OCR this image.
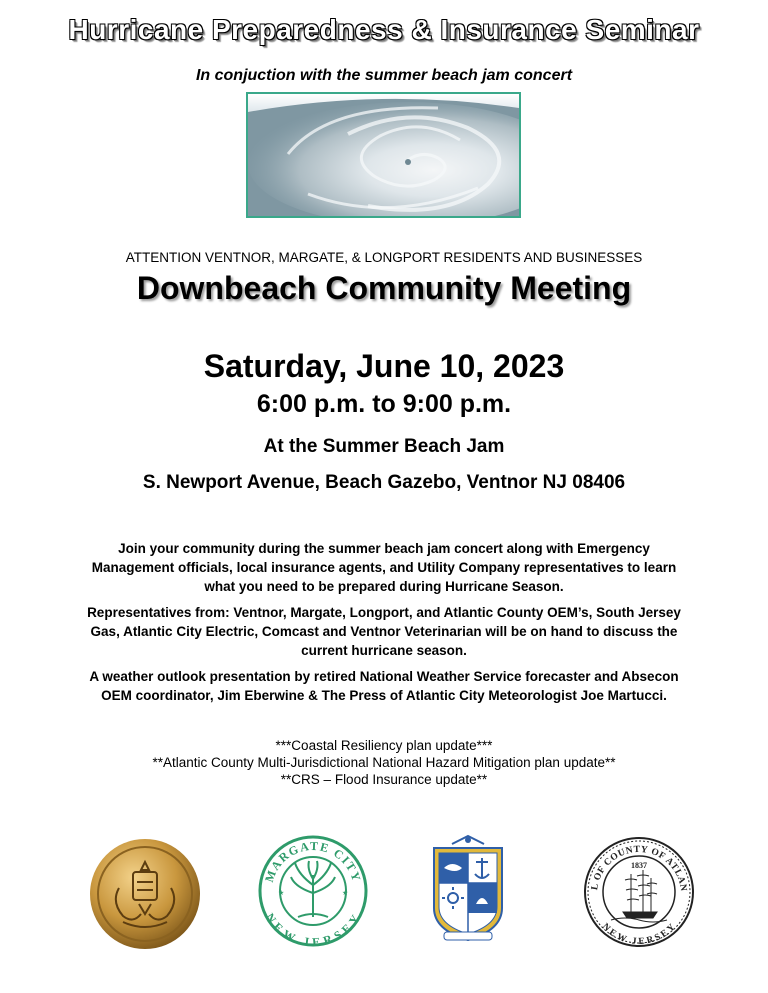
Hurricane Preparedness & Insurance Seminar
In conjuction with the summer beach jam concert
ATTENTION VENTNOR, MARGATE, & LONGPORT RESIDENTS AND BUSINESSES
Downbeach Community Meeting
Saturday, June 10, 2023
6:00 p.m. to 9:00 p.m.
At the Summer Beach Jam
S. Newport Avenue, Beach Gazebo, Ventnor NJ 08406
Join your community during the summer beach jam concert along with Emergency Management officials, local insurance agents, and Utility Company representatives to learn what you need to be prepared during Hurricane Season.
Representatives from: Ventnor, Margate, Longport, and Atlantic County OEM’s, South Jersey Gas, Atlantic City Electric, Comcast and Ventnor Veterinarian will be on hand to discuss the current hurricane season.
A weather outlook presentation by retired National Weather Service forecaster and Absecon OEM coordinator, Jim Eberwine & The Press of Atlantic City Meteorologist Joe Martucci.
***Coastal Resiliency plan update***
**Atlantic County Multi-Jurisdictional National Hazard Mitigation plan update**
**CRS – Flood Insurance update**
MARGATE CITY
NEW JERSEY
★	★
L OF COUNTY OF ATLAN
NEW JERSEY
1837
